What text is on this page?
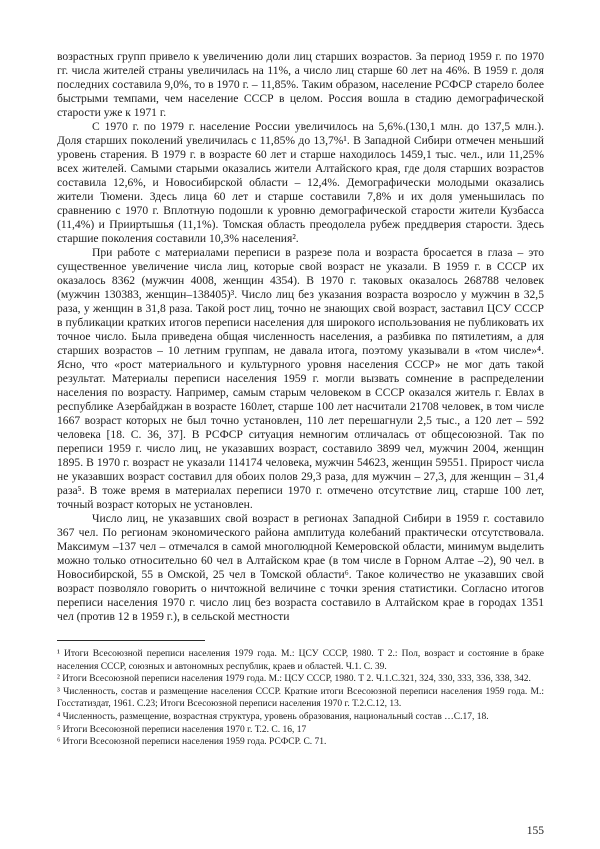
возрастных групп привело к увеличению доли лиц старших возрастов. За период 1959 г. по 1970 гг. числа жителей страны увеличилась на 11%, а число лиц старше 60 лет на 46%. В 1959 г. доля последних составила 9,0%, то в 1970 г. – 11,85%. Таким образом, население РСФСР старело более быстрыми темпами, чем население СССР в целом. Россия вошла в стадию демографической старости уже к 1971 г.

С 1970 г. по 1979 г. население России увеличилось на 5,6%.(130,1 млн. до 137,5 млн.). Доля старших поколений увеличилась с 11,85% до 13,7%¹. В Западной Сибири отмечен меньший уровень старения. В 1979 г. в возрасте 60 лет и старше находилось 1459,1 тыс. чел., или 11,25% всех жителей. Самыми старыми оказались жители Алтайского края, где доля старших возрастов составила 12,6%, и Новосибирской области – 12,4%. Демографически молодыми оказались жители Тюмени. Здесь лица 60 лет и старше составили 7,8% и их доля уменьшилась по сравнению с 1970 г. Вплотную подошли к уровню демографической старости жители Кузбасса (11,4%) и Прииртышья (11,1%). Томская область преодолела рубеж преддверия старости. Здесь старшие поколения составили 10,3% населения².

При работе с материалами переписи в разрезе пола и возраста бросается в глаза – это существенное увеличение числа лиц, которые свой возраст не указали. В 1959 г. в СССР их оказалось 8362 (мужчин 4008, женщин 4354). В 1970 г. таковых оказалось 268788 человек (мужчин 130383, женщин–138405)³. Число лиц без указания возраста возросло у мужчин в 32,5 раза, у женщин в 31,8 раза. Такой рост лиц, точно не знающих свой возраст, заставил ЦСУ СССР в публикации кратких итогов переписи населения для широкого использования не публиковать их точное число. Была приведена общая численность населения, а разбивка по пятилетиям, а для старших возрастов – 10 летним группам, не давала итога, поэтому указывали в «том числе»⁴. Ясно, что «рост материального и культурного уровня населения СССР» не мог дать такой результат. Материалы переписи населения 1959 г. могли вызвать сомнение в распределении населения по возрасту. Например, самым старым человеком в СССР оказался житель г. Евлах в республике Азербайджан в возрасте 160лет, старше 100 лет насчитали 21708 человек, в том числе 1667 возраст которых не был точно установлен, 110 лет перешагнули 2,5 тыс., а 120 лет – 592 человека [18. С. 36, 37]. В РСФСР ситуация немногим отличалась от общесоюзной. Так по переписи 1959 г. число лиц, не указавших возраст, составило 3899 чел, мужчин 2004, женщин 1895. В 1970 г. возраст не указали 114174 человека, мужчин 54623, женщин 59551. Прирост числа не указавших возраст составил для обоих полов 29,3 раза, для мужчин – 27,3, для женщин – 31,4 раза⁵. В тоже время в материалах переписи 1970 г. отмечено отсутствие лиц, старше 100 лет, точный возраст которых не установлен.

Число лиц, не указавших свой возраст в регионах Западной Сибири в 1959 г. составило 367 чел. По регионам экономического района амплитуда колебаний практически отсутствовала. Максимум –137 чел – отмечался в самой многолюдной Кемеровской области, минимум выделить можно только относительно 60 чел в Алтайском крае (в том числе в Горном Алтае –2), 90 чел. в Новосибирской, 55 в Омской, 25 чел в Томской области⁶. Такое количество не указавших свой возраст позволяло говорить о ничтожной величине с точки зрения статистики. Согласно итогов переписи населения 1970 г. число лиц без возраста составило в Алтайском крае в городах 1351 чел (против 12 в 1959 г.), в сельской местности

¹ Итоги Всесоюзной переписи населения 1979 года. М.: ЦСУ СССР, 1980. Т 2.: Пол, возраст и состояние в браке населения СССР, союзных и автономных республик, краев и областей. Ч.1. С. 39.

² Итоги Всесоюзной переписи населения 1979 года. М.: ЦСУ СССР, 1980. Т 2. Ч.1.С.321, 324, 330, 333, 336, 338, 342.

³ Численность, состав и размещение населения СССР. Краткие итоги Всесоюзной переписи населения 1959 года. М.: Госстатиздат, 1961. С.23; Итоги Всесоюзной переписи населения 1970 г. Т.2.С.12, 13.

⁴ Численность, размещение, возрастная структура, уровень образования, национальный состав …С.17, 18.

⁵ Итоги Всесоюзной переписи населения 1970 г. Т.2. С. 16, 17

⁶ Итоги Всесоюзной переписи населения 1959 года. РСФСР. С. 71.

155
